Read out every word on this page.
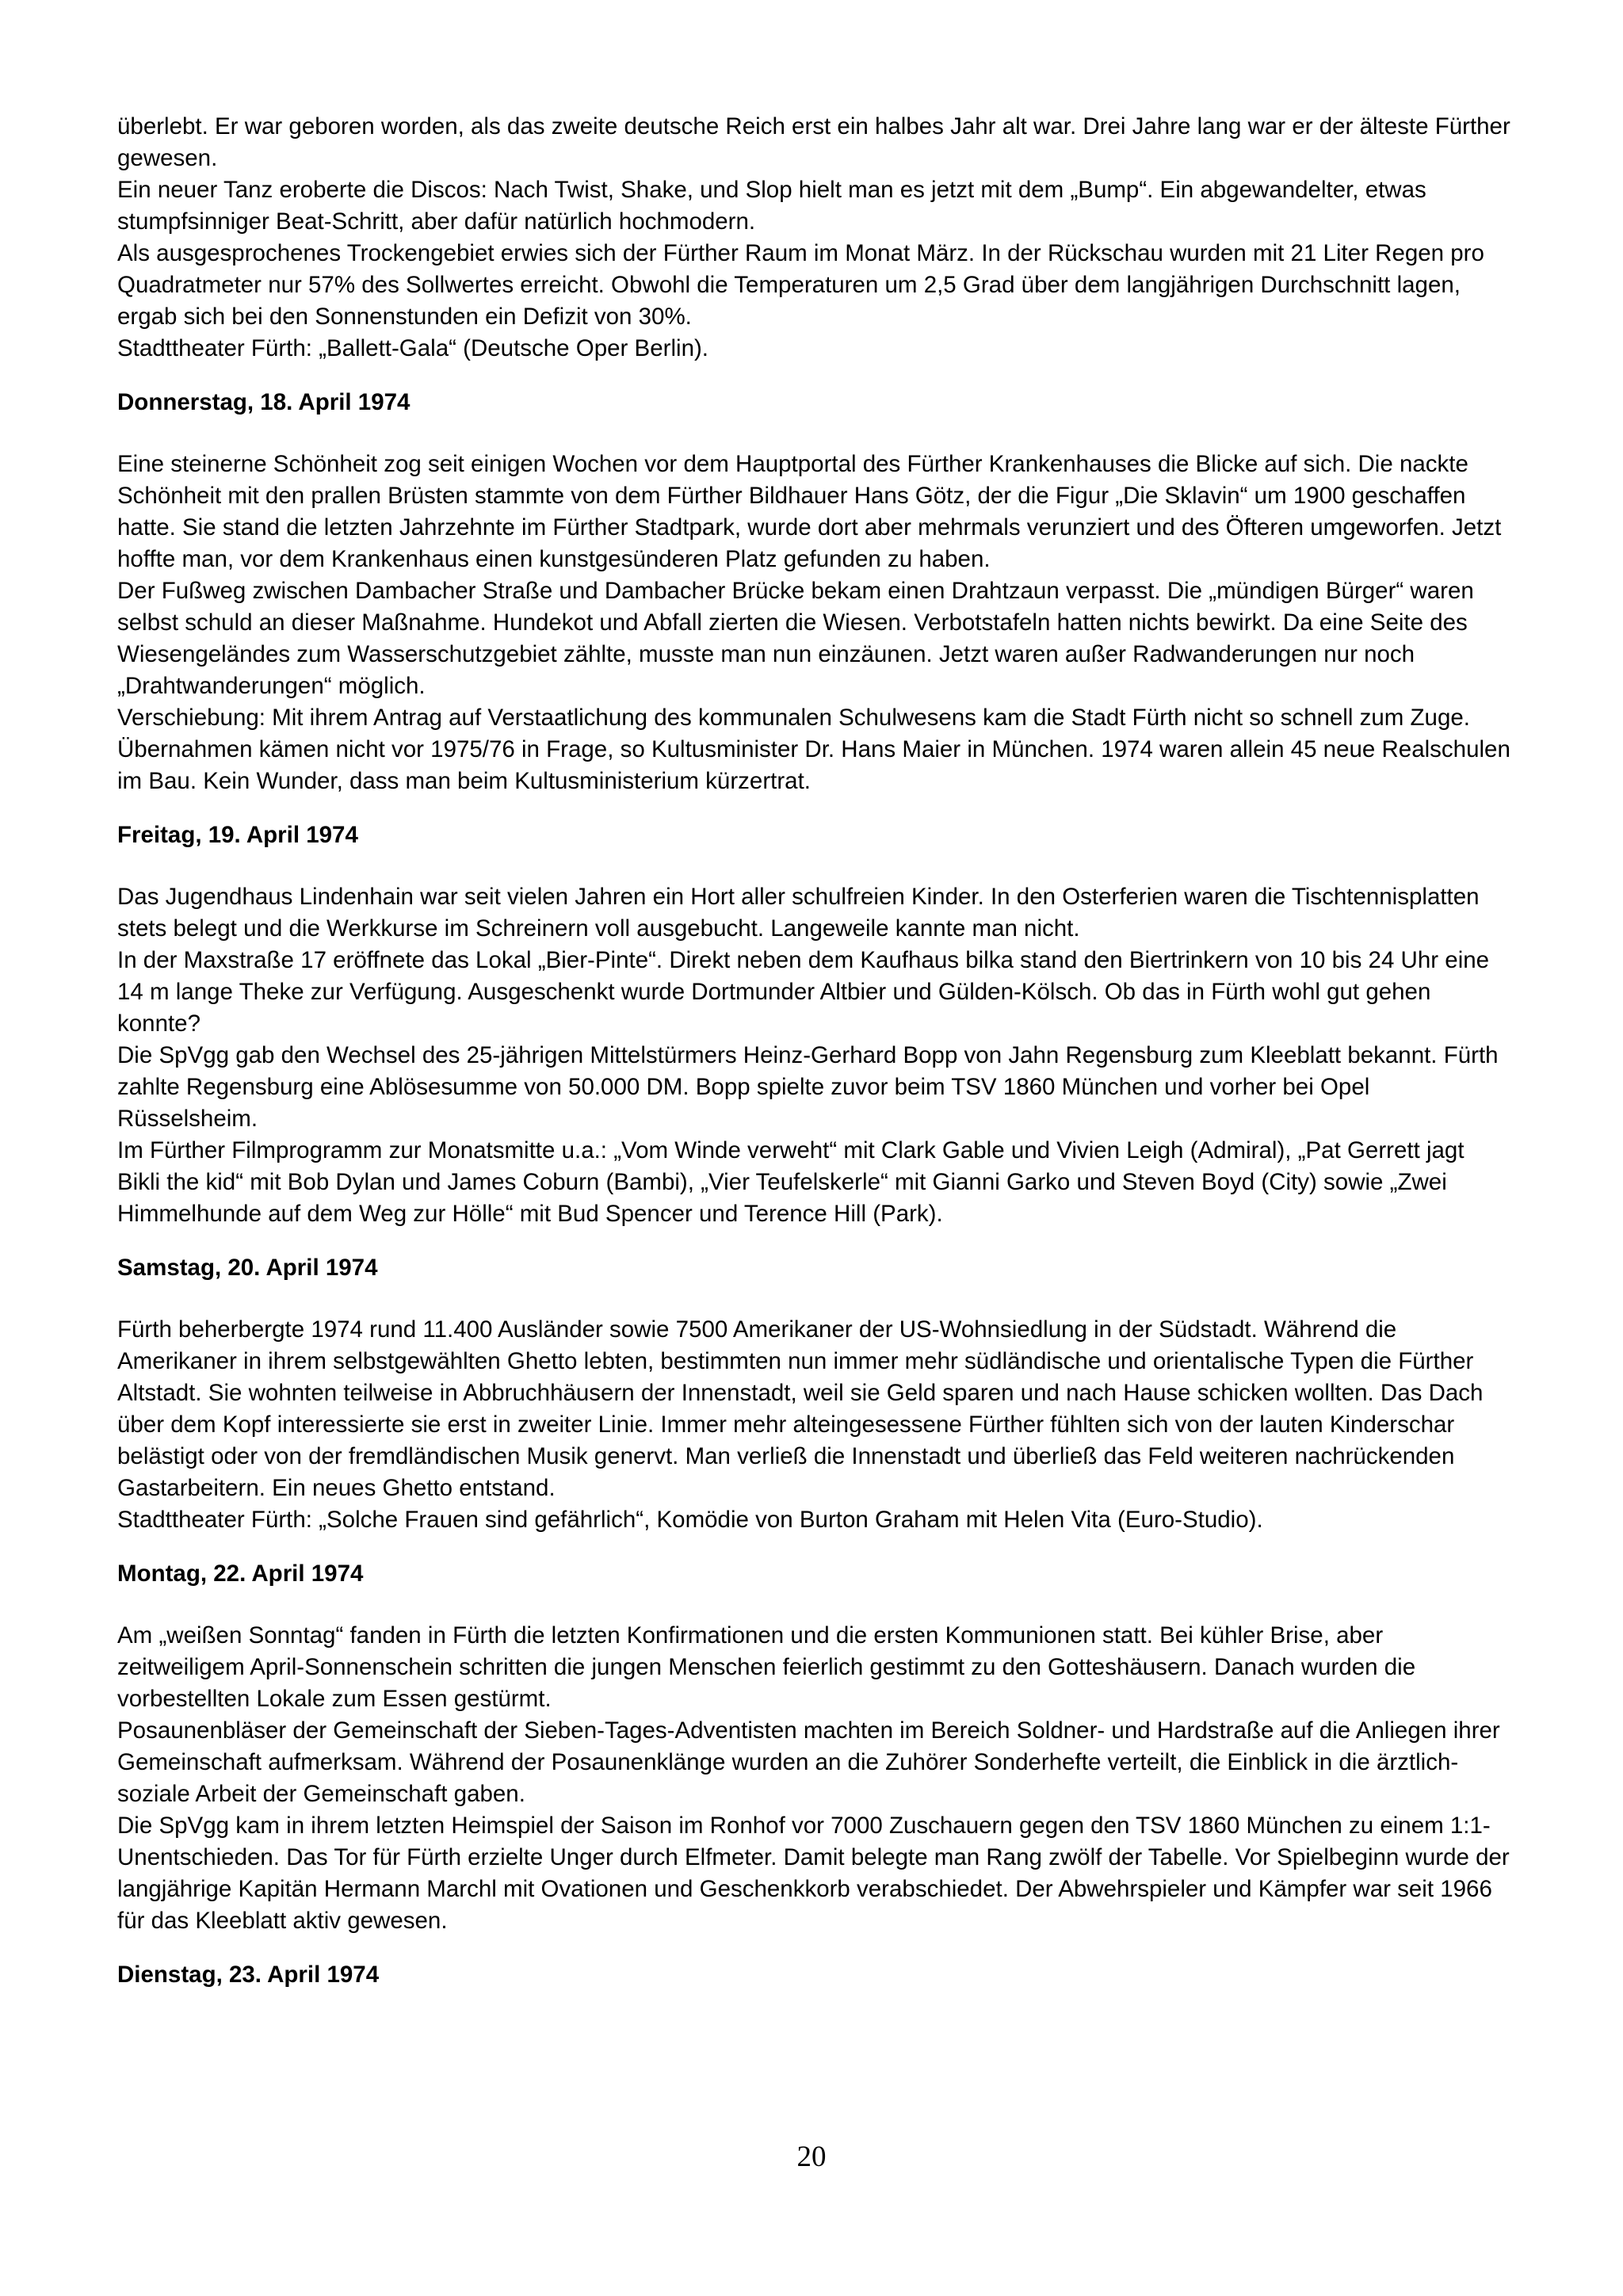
überlebt. Er war geboren worden, als das zweite deutsche Reich erst ein halbes Jahr alt war. Drei Jahre lang war er der älteste Fürther gewesen.

Ein neuer Tanz eroberte die Discos: Nach Twist, Shake, und Slop hielt man es jetzt mit dem „Bump“. Ein abgewandelter, etwas stumpfsinniger Beat-Schritt, aber dafür natürlich hochmodern.

Als ausgesprochenes Trockengebiet erwies sich der Fürther Raum im Monat März. In der Rückschau wurden mit 21 Liter Regen pro Quadratmeter nur 57% des Sollwertes erreicht. Obwohl die Temperaturen um 2,5 Grad über dem langjährigen Durchschnitt lagen, ergab sich bei den Sonnenstunden ein Defizit von 30%.

Stadttheater Fürth: „Ballett-Gala“ (Deutsche Oper Berlin).

Donnerstag, 18. April 1974

Eine steinerne Schönheit zog seit einigen Wochen vor dem Hauptportal des Fürther Krankenhauses die Blicke auf sich. Die nackte Schönheit mit den prallen Brüsten stammte von dem Fürther Bildhauer Hans Götz, der die Figur „Die Sklavin“ um 1900 geschaffen hatte. Sie stand die letzten Jahrzehnte im Fürther Stadtpark, wurde dort aber mehrmals verunziert und des Öfteren umgeworfen. Jetzt hoffte man, vor dem Krankenhaus einen kunstgesünderen Platz gefunden zu haben.

Der Fußweg zwischen Dambacher Straße und Dambacher Brücke bekam einen Drahtzaun verpasst. Die „mündigen Bürger“ waren selbst schuld an dieser Maßnahme. Hundekot und Abfall zierten die Wiesen. Verbotstafeln hatten nichts bewirkt. Da eine Seite des Wiesengeländes zum Wasserschutzgebiet zählte, musste man nun einzäunen. Jetzt waren außer Radwanderungen nur noch „Drahtwanderungen“ möglich.

Verschiebung: Mit ihrem Antrag auf Verstaatlichung des kommunalen Schulwesens kam die Stadt Fürth nicht so schnell zum Zuge. Übernahmen kämen nicht vor 1975/76 in Frage, so Kultusminister Dr. Hans Maier in München. 1974 waren allein 45 neue Realschulen im Bau. Kein Wunder, dass man beim Kultusministerium kürzertrat.

Freitag, 19. April 1974

Das Jugendhaus Lindenhain war seit vielen Jahren ein Hort aller schulfreien Kinder. In den Osterferien waren die Tischtennisplatten stets belegt und die Werkkurse im Schreinern voll ausgebucht. Langeweile kannte man nicht.

In der Maxstraße 17 eröffnete das Lokal „Bier-Pinte“. Direkt neben dem Kaufhaus bilka stand den Biertrinkern von 10 bis 24 Uhr eine 14 m lange Theke zur Verfügung. Ausgeschenkt wurde Dortmunder Altbier und Gülden-Kölsch. Ob das in Fürth wohl gut gehen konnte?

Die SpVgg gab den Wechsel des 25-jährigen Mittelstürmers Heinz-Gerhard Bopp von Jahn Regensburg zum Kleeblatt bekannt. Fürth zahlte Regensburg eine Ablösesumme von 50.000 DM. Bopp spielte zuvor beim TSV 1860 München und vorher bei Opel Rüsselsheim.

Im Fürther Filmprogramm zur Monatsmitte u.a.: „Vom Winde verweht“ mit Clark Gable und Vivien Leigh (Admiral), „Pat Gerrett jagt Bikli the kid“ mit Bob Dylan und James Coburn (Bambi), „Vier Teufelskerle“ mit Gianni Garko und Steven Boyd (City) sowie „Zwei Himmelhunde auf dem Weg zur Hölle“ mit Bud Spencer und Terence Hill (Park).

Samstag, 20. April 1974

Fürth beherbergte 1974 rund 11.400 Ausländer sowie 7500 Amerikaner der US-Wohnsiedlung in der Südstadt. Während die Amerikaner in ihrem selbstgewählten Ghetto lebten, bestimmten nun immer mehr südländische und orientalische Typen die Fürther Altstadt. Sie wohnten teilweise in Abbruchhäusern der Innenstadt, weil sie Geld sparen und nach Hause schicken wollten. Das Dach über dem Kopf interessierte sie erst in zweiter Linie. Immer mehr alteingesessene Fürther fühlten sich von der lauten Kinderschar belästigt oder von der fremdländischen Musik genervt. Man verließ die Innenstadt und überließ das Feld weiteren nachrückenden Gastarbeitern. Ein neues Ghetto entstand.

Stadttheater Fürth: „Solche Frauen sind gefährlich“, Komödie von Burton Graham mit Helen Vita (Euro-Studio).

Montag, 22. April 1974

Am „weißen Sonntag“ fanden in Fürth die letzten Konfirmationen und die ersten Kommunionen statt. Bei kühler Brise, aber zeitweiligem April-Sonnenschein schritten die jungen Menschen feierlich gestimmt zu den Gotteshäusern. Danach wurden die vorbestellten Lokale zum Essen gestürmt.

Posaunenbläser der Gemeinschaft der Sieben-Tages-Adventisten machten im Bereich Soldner- und Hardstraße auf die Anliegen ihrer Gemeinschaft aufmerksam. Während der Posaunenklänge wurden an die Zuhörer Sonderhefte verteilt, die Einblick in die ärztlich-soziale Arbeit der Gemeinschaft gaben.

Die SpVgg kam in ihrem letzten Heimspiel der Saison im Ronhof vor 7000 Zuschauern gegen den TSV 1860 München zu einem 1:1-Unentschieden. Das Tor für Fürth erzielte Unger durch Elfmeter. Damit belegte man Rang zwölf der Tabelle. Vor Spielbeginn wurde der langjährige Kapitän Hermann Marchl mit Ovationen und Geschenkkorb verabschiedet. Der Abwehrspieler und Kämpfer war seit 1966 für das Kleeblatt aktiv gewesen.

Dienstag, 23. April 1974

20
